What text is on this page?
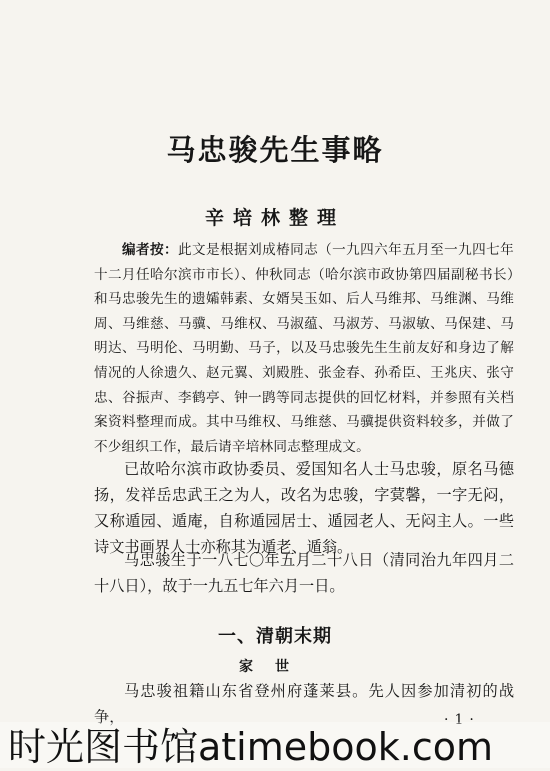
马忠骏先生事略
辛培林整理
编者按：此文是根据刘成椿同志（一九四六年五月至一九四七年十二月任哈尔滨市市长）、仲秋同志（哈尔滨市政协第四届副秘书长）和马忠骏先生的遗孀韩素、女婿吴玉如、后人马维邦、马维渊、马维周、马维慈、马骥、马维权、马淑蕴、马淑芳、马淑敏、马保建、马明达、马明伦、马明勤、马子，以及马忠骏先生生前友好和身边了解情况的人徐遗久、赵元翼、刘殿胜、张金春、孙希臣、王兆庆、张守忠、谷振声、李鹤亭、钟一鹍等同志提供的回忆材料，并参照有关档案资料整理而成。其中马维权、马维慈、马骥提供资料较多，并做了不少组织工作，最后请辛培林同志整理成文。
已故哈尔滨市政协委员、爱国知名人士马忠骏，原名马德扬，发祥岳忠武王之为人，改名为忠骏，字蓂馨，一字无闷，又称遁园、遁庵，自称遁园居士、遁园老人、无闷主人。一些诗文书画界人士亦称其为遁老、遁翁。
马忠骏生于一八七〇年五月二十八日（清同治九年四月二十八日），故于一九五七年六月一日。
一、清朝末期
家世
马忠骏祖籍山东省登州府蓬莱县。先人因参加清初的战争，	·1·
时光图书馆atimebook.com
